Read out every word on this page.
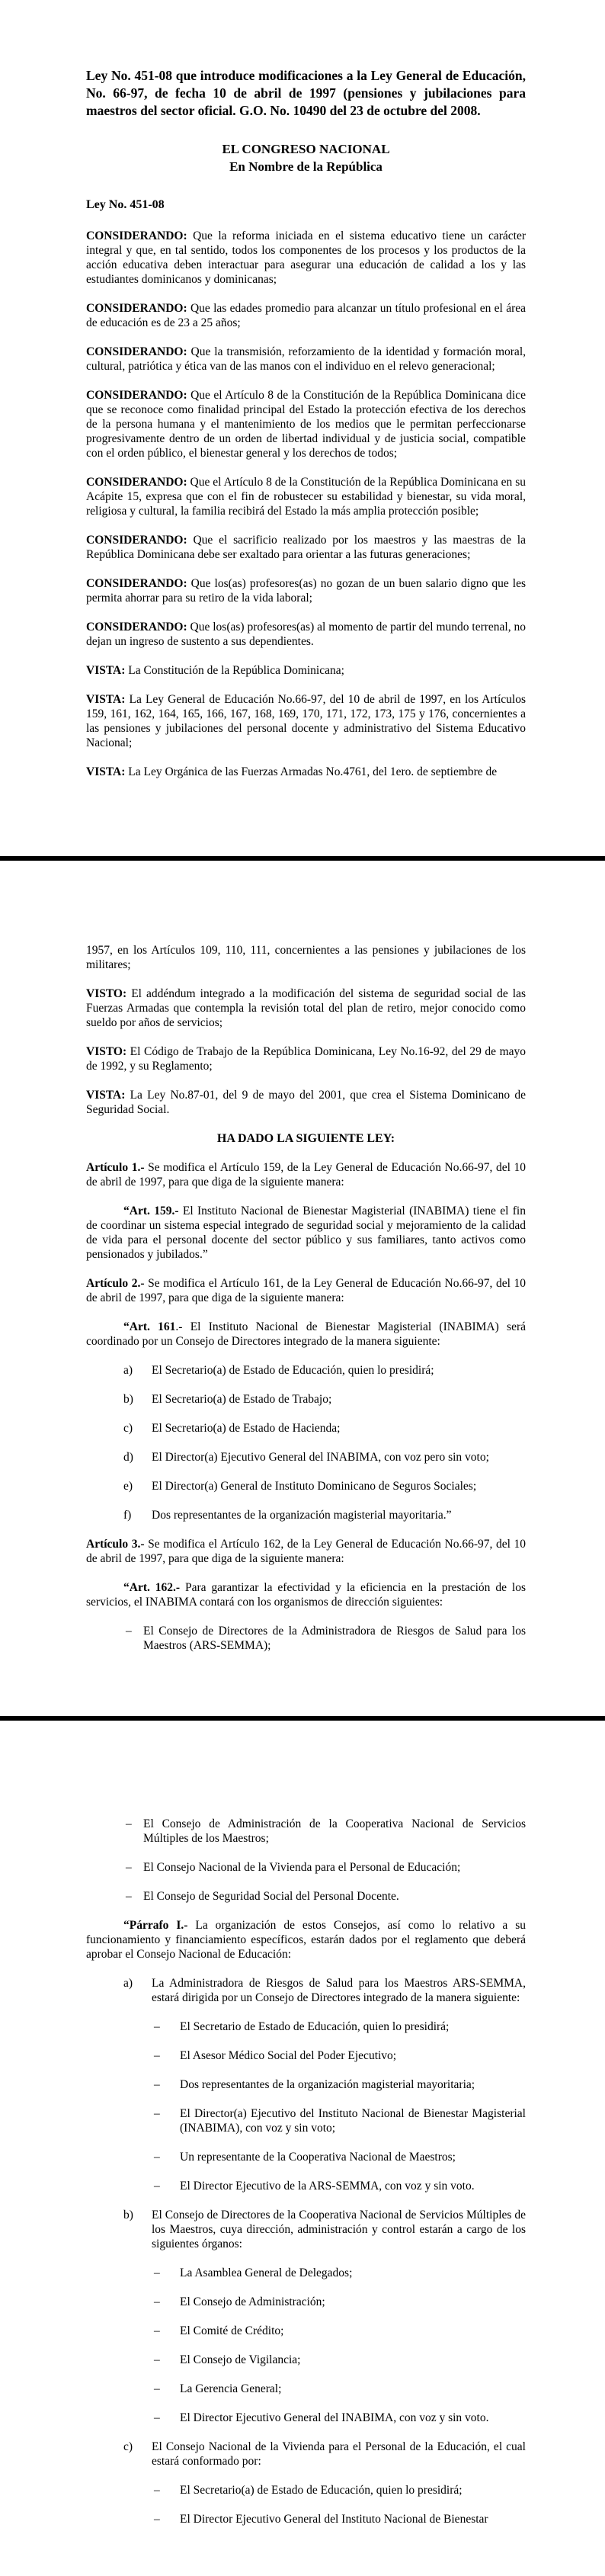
Ley No. 451-08 que introduce modificaciones a la Ley General de Educación, No. 66-97, de fecha 10 de abril de 1997 (pensiones y jubilaciones para maestros del sector oficial. G.O. No. 10490 del 23 de octubre del 2008.

EL CONGRESO NACIONAL
En Nombre de la República

Ley No. 451-08

CONSIDERANDO: Que la reforma iniciada en el sistema educativo tiene un carácter integral y que, en tal sentido, todos los componentes de los procesos y los productos de la acción educativa deben interactuar para asegurar una educación de calidad a los y las estudiantes dominicanos y dominicanas;

CONSIDERANDO: Que las edades promedio para alcanzar un título profesional en el área de educación es de 23 a 25 años;

CONSIDERANDO: Que la transmisión, reforzamiento de la identidad y formación moral, cultural, patriótica y ética van de las manos con el individuo en el relevo generacional;

CONSIDERANDO: Que el Artículo 8 de la Constitución de la República Dominicana dice que se reconoce como finalidad principal del Estado la protección efectiva de los derechos de la persona humana y el mantenimiento de los medios que le permitan perfeccionarse progresivamente dentro de un orden de libertad individual y de justicia social, compatible con el orden público, el bienestar general y los derechos de todos;

CONSIDERANDO: Que el Artículo 8 de la Constitución de la República Dominicana en su Acápite 15, expresa que con el fin de robustecer su estabilidad y bienestar, su vida moral, religiosa y cultural, la familia recibirá del Estado la más amplia protección posible;

CONSIDERANDO: Que el sacrificio realizado por los maestros y las maestras de la República Dominicana debe ser exaltado para orientar a las futuras generaciones;

CONSIDERANDO: Que los(as) profesores(as) no gozan de un buen salario digno que les permita ahorrar para su retiro de la vida laboral;

CONSIDERANDO: Que los(as) profesores(as) al momento de partir del mundo terrenal, no dejan un ingreso de sustento a sus dependientes.

VISTA: La Constitución de la República Dominicana;

VISTA: La Ley General de Educación No.66-97, del 10 de abril de 1997, en los Artículos 159, 161, 162, 164, 165, 166, 167, 168, 169, 170, 171, 172, 173, 175 y 176, concernientes a las pensiones y jubilaciones del personal docente y administrativo del Sistema Educativo Nacional;

VISTA: La Ley Orgánica de las Fuerzas Armadas No.4761, del 1ero. de septiembre de

1957, en los Artículos 109, 110, 111, concernientes a las pensiones y jubilaciones de los militares;

VISTO: El addéndum integrado a la modificación del sistema de seguridad social de las Fuerzas Armadas que contempla la revisión total del plan de retiro, mejor conocido como sueldo por años de servicios;

VISTO: El Código de Trabajo de la República Dominicana, Ley No.16-92, del 29 de mayo de 1992, y su Reglamento;

VISTA: La Ley No.87-01, del 9 de mayo del 2001, que crea el Sistema Dominicano de Seguridad Social.

HA DADO LA SIGUIENTE LEY:

Artículo 1.- Se modifica el Artículo 159, de la Ley General de Educación No.66-97, del 10 de abril de 1997, para que diga de la siguiente manera:

“Art. 159.- El Instituto Nacional de Bienestar Magisterial (INABIMA) tiene el fin de coordinar un sistema especial integrado de seguridad social y mejoramiento de la calidad de vida para el personal docente del sector público y sus familiares, tanto activos como pensionados y jubilados.”

Artículo 2.- Se modifica el Artículo 161, de la Ley General de Educación No.66-97, del 10 de abril de 1997, para que diga de la siguiente manera:

“Art. 161.- El Instituto Nacional de Bienestar Magisterial (INABIMA) será coordinado por un Consejo de Directores integrado de la manera siguiente:

a) El Secretario(a) de Estado de Educación, quien lo presidirá;
b) El Secretario(a) de Estado de Trabajo;
c) El Secretario(a) de Estado de Hacienda;
d) El Director(a) Ejecutivo General del INABIMA, con voz pero sin voto;
e) El Director(a) General de Instituto Dominicano de Seguros Sociales;
f) Dos representantes de la organización magisterial mayoritaria.”

Artículo 3.- Se modifica el Artículo 162, de la Ley General de Educación No.66-97, del 10 de abril de 1997, para que diga de la siguiente manera:

“Art. 162.- Para garantizar la efectividad y la eficiencia en la prestación de los servicios, el INABIMA contará con los organismos de dirección siguientes:

– El Consejo de Directores de la Administradora de Riesgos de Salud para los Maestros (ARS-SEMMA);
– El Consejo de Administración de la Cooperativa Nacional de Servicios Múltiples de los Maestros;
– El Consejo Nacional de la Vivienda para el Personal de Educación;
– El Consejo de Seguridad Social del Personal Docente.

“Párrafo I.- La organización de estos Consejos, así como lo relativo a su funcionamiento y financiamiento específicos, estarán dados por el reglamento que deberá aprobar el Consejo Nacional de Educación:

a) La Administradora de Riesgos de Salud para los Maestros ARS-SEMMA, estará dirigida por un Consejo de Directores integrado de la manera siguiente:
– El Secretario de Estado de Educación, quien lo presidirá;
– El Asesor Médico Social del Poder Ejecutivo;
– Dos representantes de la organización magisterial mayoritaria;
– El Director(a) Ejecutivo del Instituto Nacional de Bienestar Magisterial (INABIMA), con voz y sin voto;
– Un representante de la Cooperativa Nacional de Maestros;
– El Director Ejecutivo de la ARS-SEMMA, con voz y sin voto.
b) El Consejo de Directores de la Cooperativa Nacional de Servicios Múltiples de los Maestros, cuya dirección, administración y control estarán a cargo de los siguientes órganos:
– La Asamblea General de Delegados;
– El Consejo de Administración;
– El Comité de Crédito;
– El Consejo de Vigilancia;
– La Gerencia General;
– El Director Ejecutivo General del INABIMA, con voz y sin voto.
c) El Consejo Nacional de la Vivienda para el Personal de la Educación, el cual estará conformado por:
– El Secretario(a) de Estado de Educación, quien lo presidirá;
– El Director Ejecutivo General del Instituto Nacional de Bienestar
